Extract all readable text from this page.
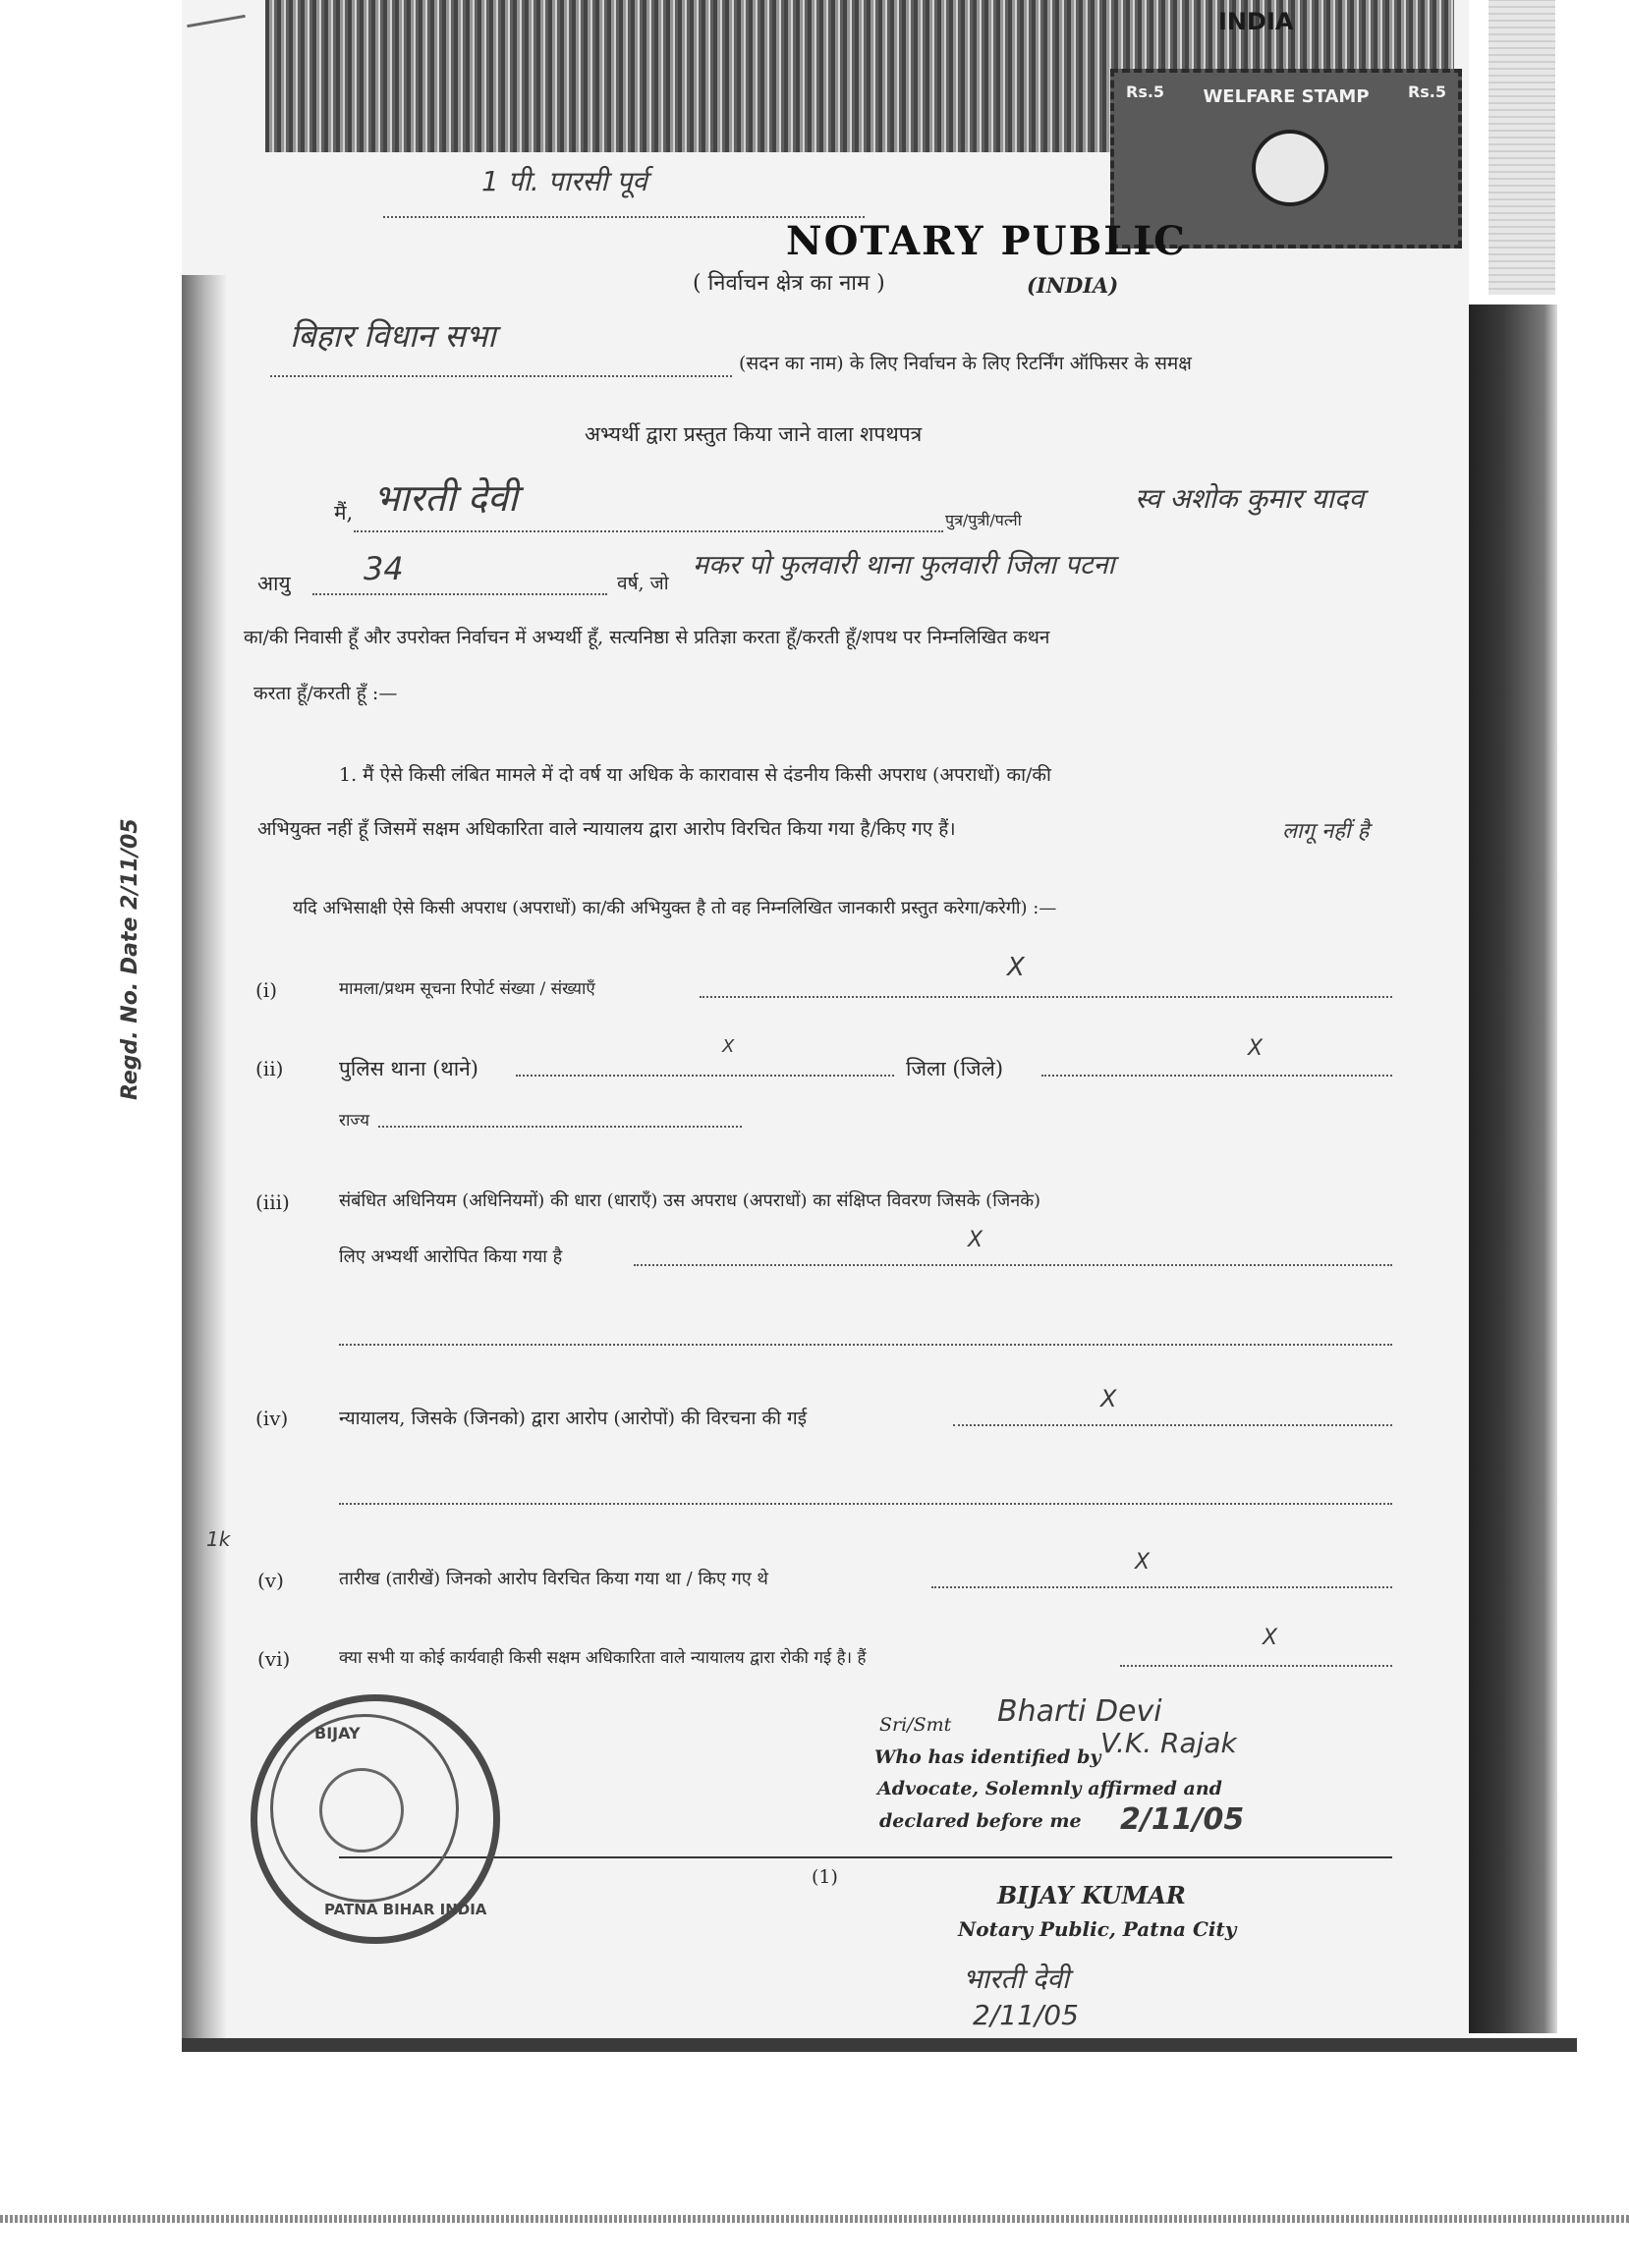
INDIA
Rs.5	WELFARE STAMP	Rs.5
1 पी. पारसी पूर्व
NOTARY PUBLIC
( निर्वाचन क्षेत्र का नाम )	(INDIA)
बिहार विधान सभा
(सदन का नाम) के लिए निर्वाचन के लिए रिटर्निंग ऑफिसर के समक्ष
अभ्यर्थी द्वारा प्रस्तुत किया जाने वाला शपथपत्र
मैं, भारती देवी
पुत्र/पुत्री/पत्नी
स्व अशोक कुमार यादव
आयु 34	वर्ष, जो
मकर पो फुलवारी थाना फुलवारी जिला पटना
का/की निवासी हूँ और उपरोक्त निर्वाचन में अभ्यर्थी हूँ, सत्यनिष्ठा से प्रतिज्ञा करता हूँ/करती हूँ/शपथ पर निम्नलिखित कथन
करता हूँ/करती हूँ :—
1. मैं ऐसे किसी लंबित मामले में दो वर्ष या अधिक के कारावास से दंडनीय किसी अपराध (अपराधों) का/की
अभियुक्त नहीं हूँ जिसमें सक्षम अधिकारिता वाले न्यायालय द्वारा आरोप विरचित किया गया है/किए गए हैं।	लागू नहीं है
यदि अभिसाक्षी ऐसे किसी अपराध (अपराधों) का/की अभियुक्त है तो वह निम्नलिखित जानकारी प्रस्तुत करेगा/करेगी) :—
(i)	मामला/प्रथम सूचना रिपोर्ट संख्या / संख्याएँ
X
(ii)	पुलिस थाना (थाने)
X
जिला (जिले)
X
राज्य
(iii)	संबंधित अधिनियम (अधिनियमों) की धारा (धाराएँ) उस अपराध (अपराधों) का संक्षिप्त विवरण जिसके (जिनके)
लिए अभ्यर्थी आरोपित किया गया है
X
(iv)	न्यायालय, जिसके (जिनको) द्वारा आरोप (आरोपों) की विरचना की गई
X
(v)	तारीख (तारीखें) जिनको आरोप विरचित किया गया था / किए गए थे
X
(vi)	क्या सभी या कोई कार्यवाही किसी सक्षम अधिकारिता वाले न्यायालय द्वारा रोकी गई है। हैं
X
Regd. No. Date 2/11/05
1k
Sri/Smt Bharti Devi
Who has identified by V.K. Rajak
Advocate, Solemnly affirmed and
declared before me 2/11/05
(1)
BIJAY KUMAR
Notary Public, Patna City
भारती देवी
2/11/05
BIJAY
PATNA BIHAR INDIA
